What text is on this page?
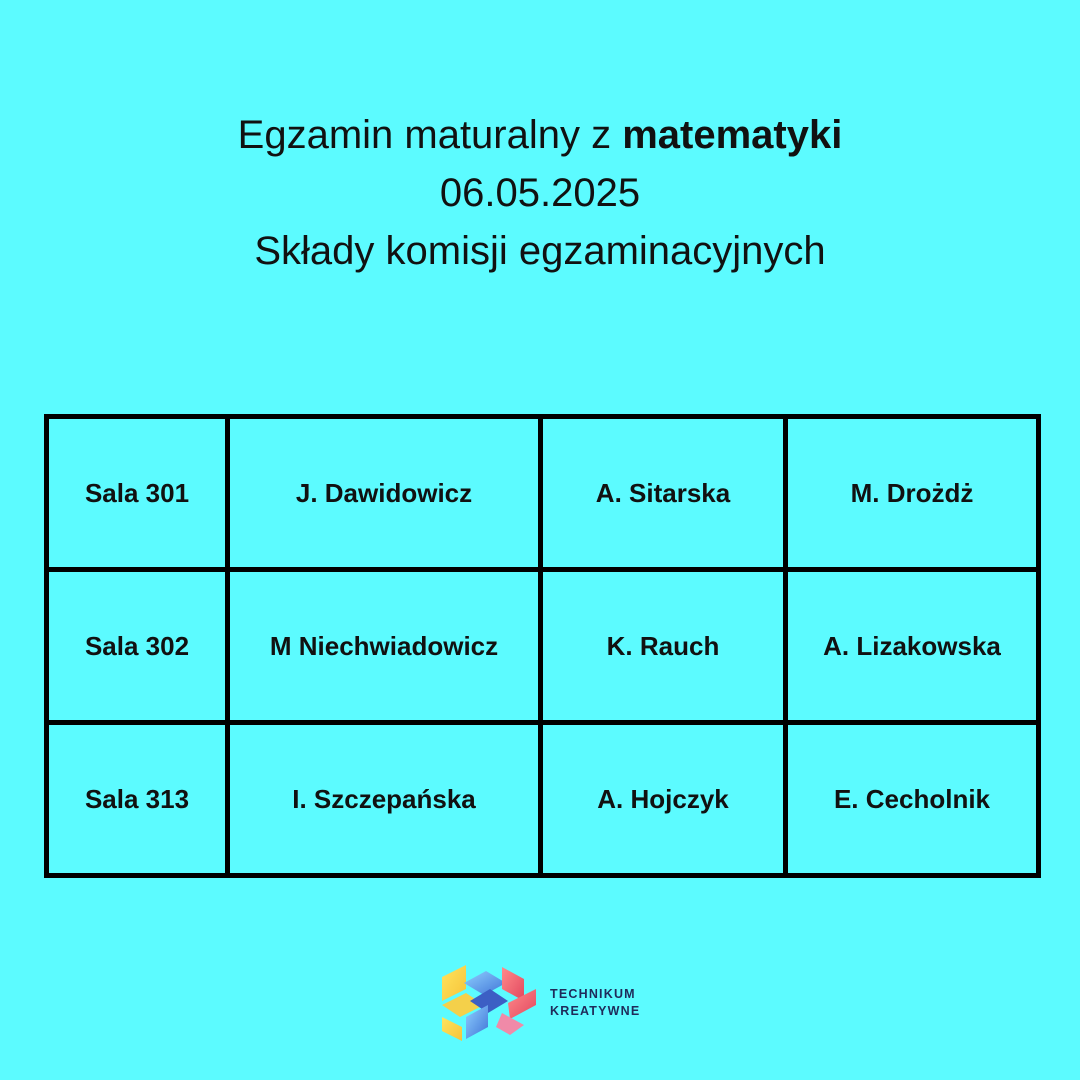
Egzamin maturalny z matematyki
06.05.2025
Składy komisji egzaminacyjnych
Sala 301	J. Dawidowicz	A. Sitarska	M. Drożdż
Sala 302	M Niechwiadowicz	K. Rauch	A. Lizakowska
Sala 313	I. Szczepańska	A. Hojczyk	E. Cecholnik
TECHNIKUM
KREATYWNE
